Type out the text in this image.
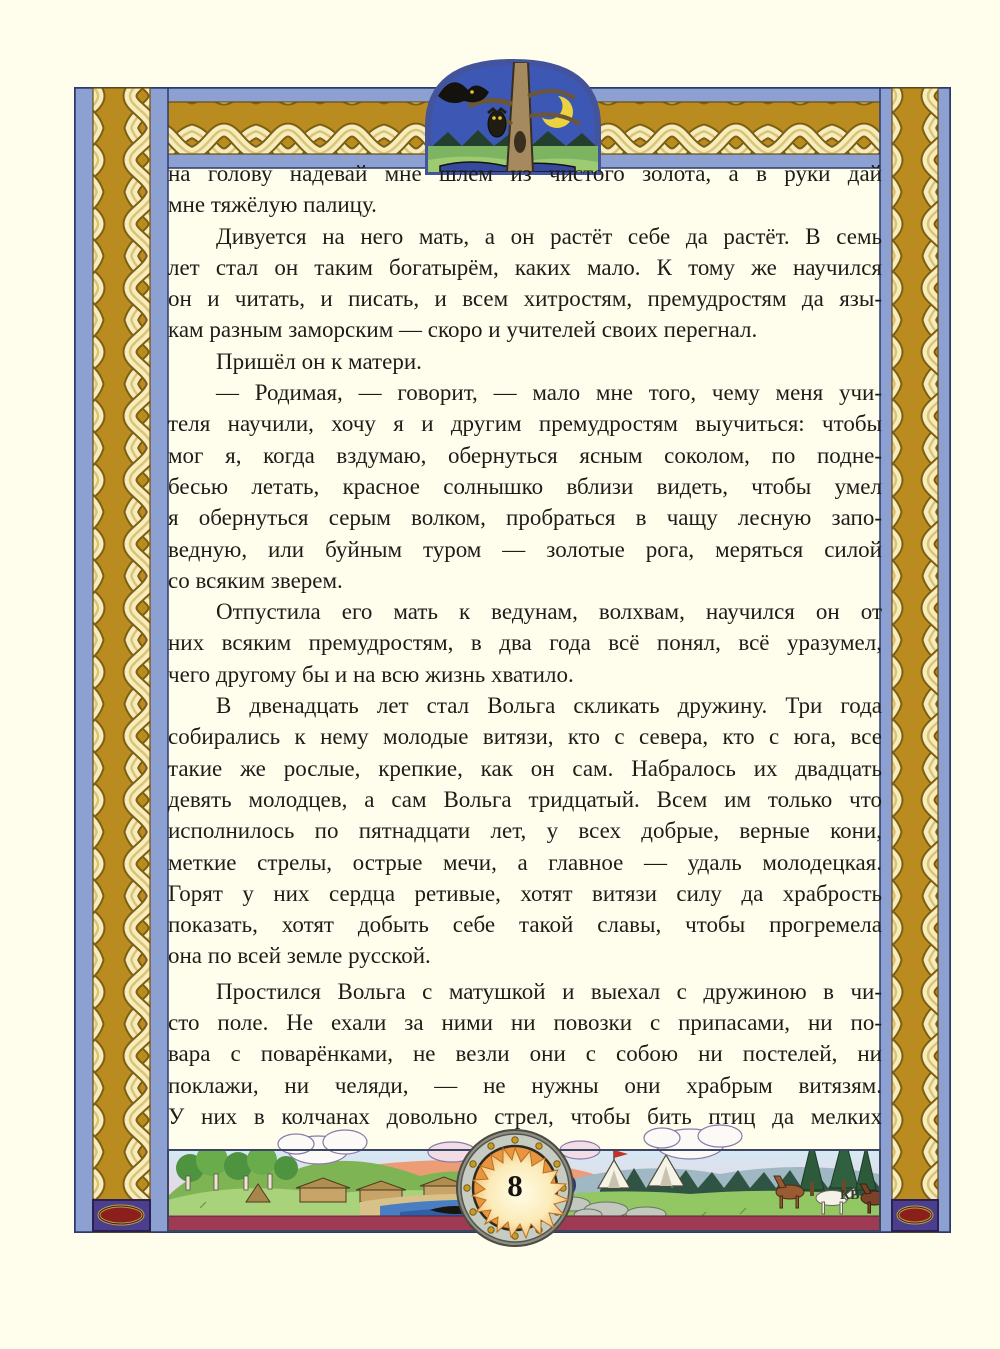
на голову надевай мне шлем из чистого золота, а в руки дай
мне тяжёлую палицу.
Дивуется на него мать, а он растёт себе да растёт. В семь
лет стал он таким богатырём, каких мало. К тому же научился
он и читать, и писать, и всем хитростям, премудростям да язы-
кам разным заморским — скоро и учителей своих перегнал.
Пришёл он к матери.
— Родимая, — говорит, — мало мне того, чему меня учи-
теля научили, хочу я и другим премудростям выучиться: чтобы
мог я, когда вздумаю, обернуться ясным соколом, по подне-
бесью летать, красное солнышко вблизи видеть, чтобы умел
я обернуться серым волком, пробраться в чащу лесную запо-
ведную, или буйным туром — золотые рога, меряться силой
со всяким зверем.
Отпустила его мать к ведунам, волхвам, научился он от
них всяким премудростям, в два года всё понял, всё уразумел,
чего другому бы и на всю жизнь хватило.
В двенадцать лет стал Вольга скликать дружину. Три года
собирались к нему молодые витязи, кто с севера, кто с юга, все
такие же рослые, крепкие, как он сам. Набралось их двадцать
девять молодцев, а сам Вольга тридцатый. Всем им только что
исполнилось по пятнадцати лет, у всех добрые, верные кони,
меткие стрелы, острые мечи, а главное — удаль молодецкая.
Горят у них сердца ретивые, хотят витязи силу да храбрость
показать, хотят добыть себе такой славы, чтобы прогремела
она по всей земле русской.
Простился Вольга с матушкой и выехал с дружиною в чи-
сто поле. Не ехали за ними ни повозки с припасами, ни по-
вара с поварёнками, не везли они с собою ни постелей, ни
поклажи, ни челяди, — не нужны они храбрым витязям.
У них в колчанах довольно стрел, чтобы бить птиц да мелких
8	КВ
